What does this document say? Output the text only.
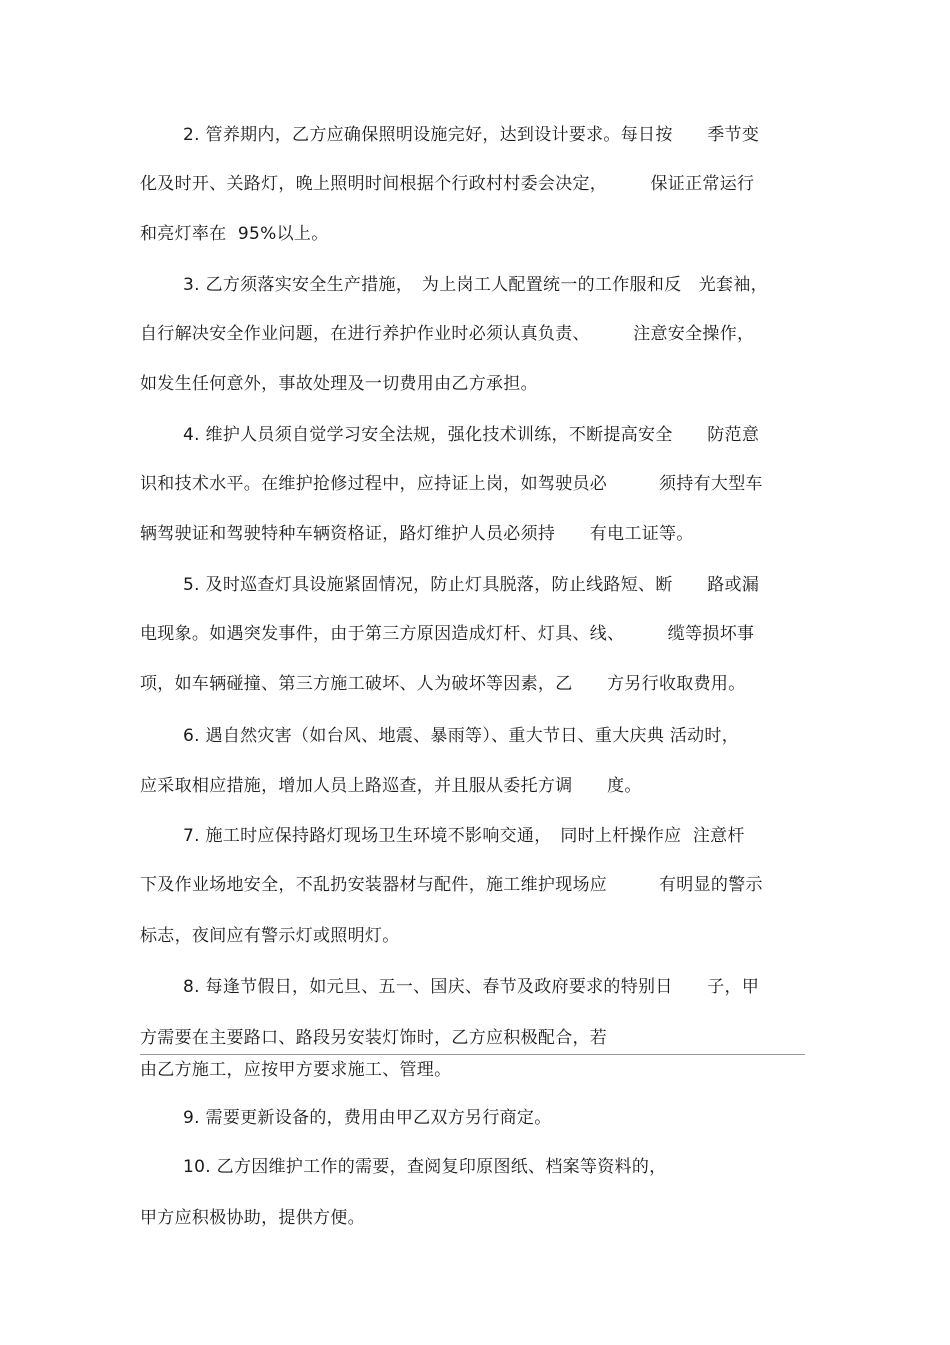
2. 管养期内，乙方应确保照明设施完好，达到设计要求。每日按　　季节变
化及时开、关路灯，晚上照明时间根据个行政村村委会决定，　　　保证正常运行
和亮灯率在  95%以上。
3. 乙方须落实安全生产措施，　为上岗工人配置统一的工作服和反　光套袖，
自行解决安全作业问题，在进行养护作业时必须认真负责、　　　注意安全操作，
如发生任何意外，事故处理及一切费用由乙方承担。
4. 维护人员须自觉学习安全法规，强化技术训练，不断提高安全　　防范意
识和技术水平。在维护抢修过程中，应持证上岗，如驾驶员必　　　须持有大型车
辆驾驶证和驾驶特种车辆资格证，路灯维护人员必须持　　有电工证等。
5. 及时巡查灯具设施紧固情况，防止灯具脱落，防止线路短、断　　路或漏
电现象。如遇突发事件，由于第三方原因造成灯杆、灯具、线、　　　缆等损坏事
项，如车辆碰撞、第三方施工破坏、人为破坏等因素，乙　　方另行收取费用。
6. 遇自然灾害（如台风、地震、暴雨等）、重大节日、重大庆典 活动时，
应采取相应措施，增加人员上路巡查，并且服从委托方调　　度。
7. 施工时应保持路灯现场卫生环境不影响交通，　同时上杆操作应  注意杆
下及作业场地安全，不乱扔安装器材与配件，施工维护现场应　　　有明显的警示
标志，夜间应有警示灯或照明灯。
8. 每逢节假日，如元旦、五一、国庆、春节及政府要求的特别日　　子，甲
方需要在主要路口、路段另安装灯饰时，乙方应积极配合，若
由乙方施工，应按甲方要求施工、管理。
9. 需要更新设备的，费用由甲乙双方另行商定。
10. 乙方因维护工作的需要，查阅复印原图纸、档案等资料的，
甲方应积极协助，提供方便。
